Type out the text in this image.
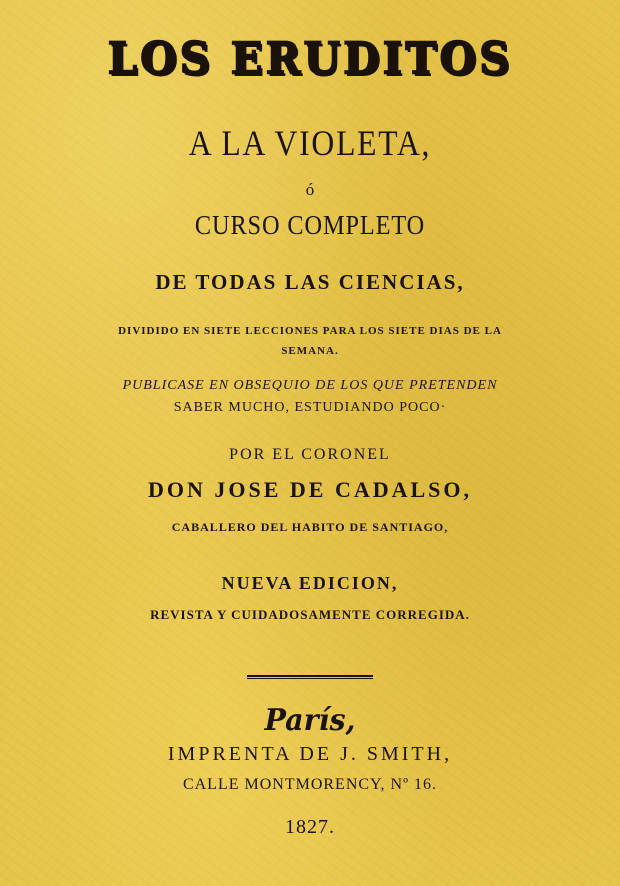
LOS ERUDITOS
A LA VIOLETA,
ó
CURSO COMPLETO
DE TODAS LAS CIENCIAS,
DIVIDIDO EN SIETE LECCIONES PARA LOS SIETE DIAS DE LA
SEMANA.
PUBLICASE EN OBSEQUIO DE LOS QUE PRETENDEN
SABER MUCHO, ESTUDIANDO POCO·
POR EL CORONEL
DON JOSE DE CADALSO,
CABALLERO DEL HABITO DE SANTIAGO,
NUEVA EDICION,
REVISTA Y CUIDADOSAMENTE CORREGIDA.
París,
IMPRENTA DE J. SMITH,
CALLE MONTMORENCY, Nº 16.
1827.
